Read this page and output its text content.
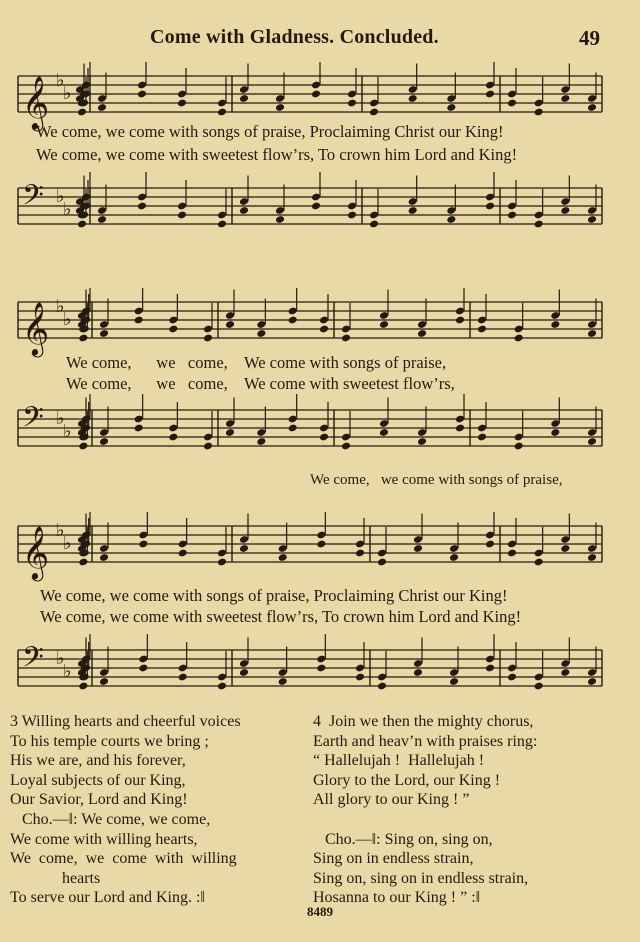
Come with Gladness. Concluded.	49
𝄞 ♭
♭
We come, we come with songs of praise, Proclaiming Christ our King!
We come, we come with sweetest flow’rs, To crown him Lord and King!
𝄢 ♭
♭
𝄞 ♭
♭
We come,      we   come,    We come with songs of praise,
We come,      we   come,    We come with sweetest flow’rs,
𝄢 ♭
♭
We come,   we come with songs of praise,
𝄞 ♭
♭
We come, we come with songs of praise, Proclaiming Christ our King!
We come, we come with sweetest flow’rs, To crown him Lord and King!
𝄢 ♭
♭
3 Willing hearts and cheerful voices
To his temple courts we bring ;
His we are, and his forever,
Loyal subjects of our King,
Our Savior, Lord and King!
Cho.—‖: We come, we come,
We come with willing hearts,
We  come,  we  come  with  willing
hearts
To serve our Lord and King. :‖
4  Join we then the mighty chorus,
Earth and heav’n with praises ring:
“ Hallelujah !  Hallelujah !
Glory to the Lord, our King !
All glory to our King ! ”
Cho.—‖: Sing on, sing on,
Sing on in endless strain,
Sing on, sing on in endless strain,
Hosanna to our King ! ” :‖
8489
